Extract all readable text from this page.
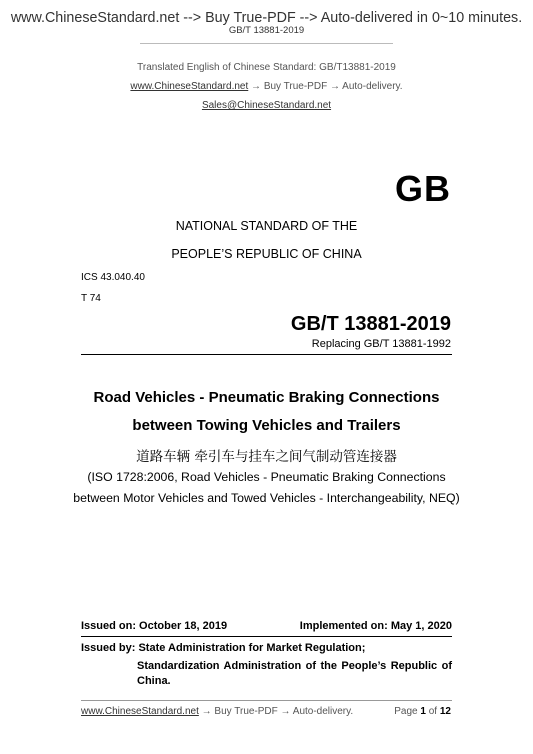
www.ChineseStandard.net --> Buy True-PDF --> Auto-delivered in 0~10 minutes.
GB/T 13881-2019
Translated English of Chinese Standard: GB/T13881-2019
www.ChineseStandard.net → Buy True-PDF → Auto-delivery.
Sales@ChineseStandard.net
GB
NATIONAL STANDARD OF THE
PEOPLE’S REPUBLIC OF CHINA
ICS 43.040.40
T 74
GB/T 13881-2019
Replacing GB/T 13881-1992
Road Vehicles - Pneumatic Braking Connections
between Towing Vehicles and Trailers
道路车辆 牵引车与挂车之间气制动管连接器
(ISO 1728:2006, Road Vehicles - Pneumatic Braking Connections
between Motor Vehicles and Towed Vehicles - Interchangeability, NEQ)
Issued on: October 18, 2019	Implemented on: May 1, 2020
Issued by: State Administration for Market Regulation;
Standardization Administration of the People’s Republic of China.
www.ChineseStandard.net → Buy True-PDF → Auto-delivery.	Page 1 of 12
